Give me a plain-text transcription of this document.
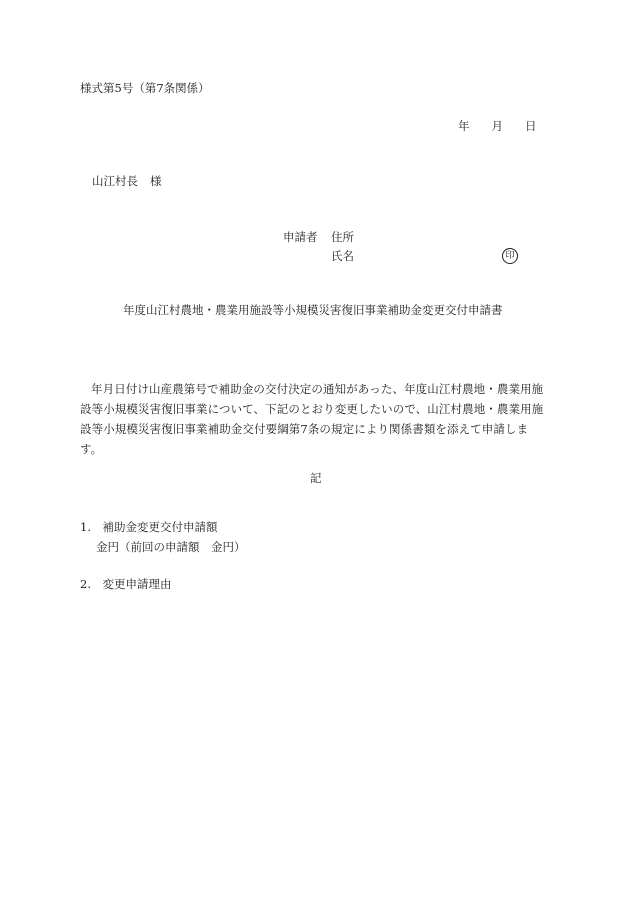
様式第5号（第7条関係）
年 月 日
山江村長 様
申請者 住所
氏名	印
年度山江村農地・農業用施設等小規模災害復旧事業補助金変更交付申請書
年月日付け山産農第号で補助金の交付決定の通知があった、年度山江村農地・農業用施設等小規模災害復旧事業について、下記のとおり変更したいので、山江村農地・農業用施設等小規模災害復旧事業補助金交付要綱第7条の規定により関係書類を添えて申請します。
記
1.　補助金変更交付申請額
金円（前回の申請額　金円）
2.　変更申請理由
